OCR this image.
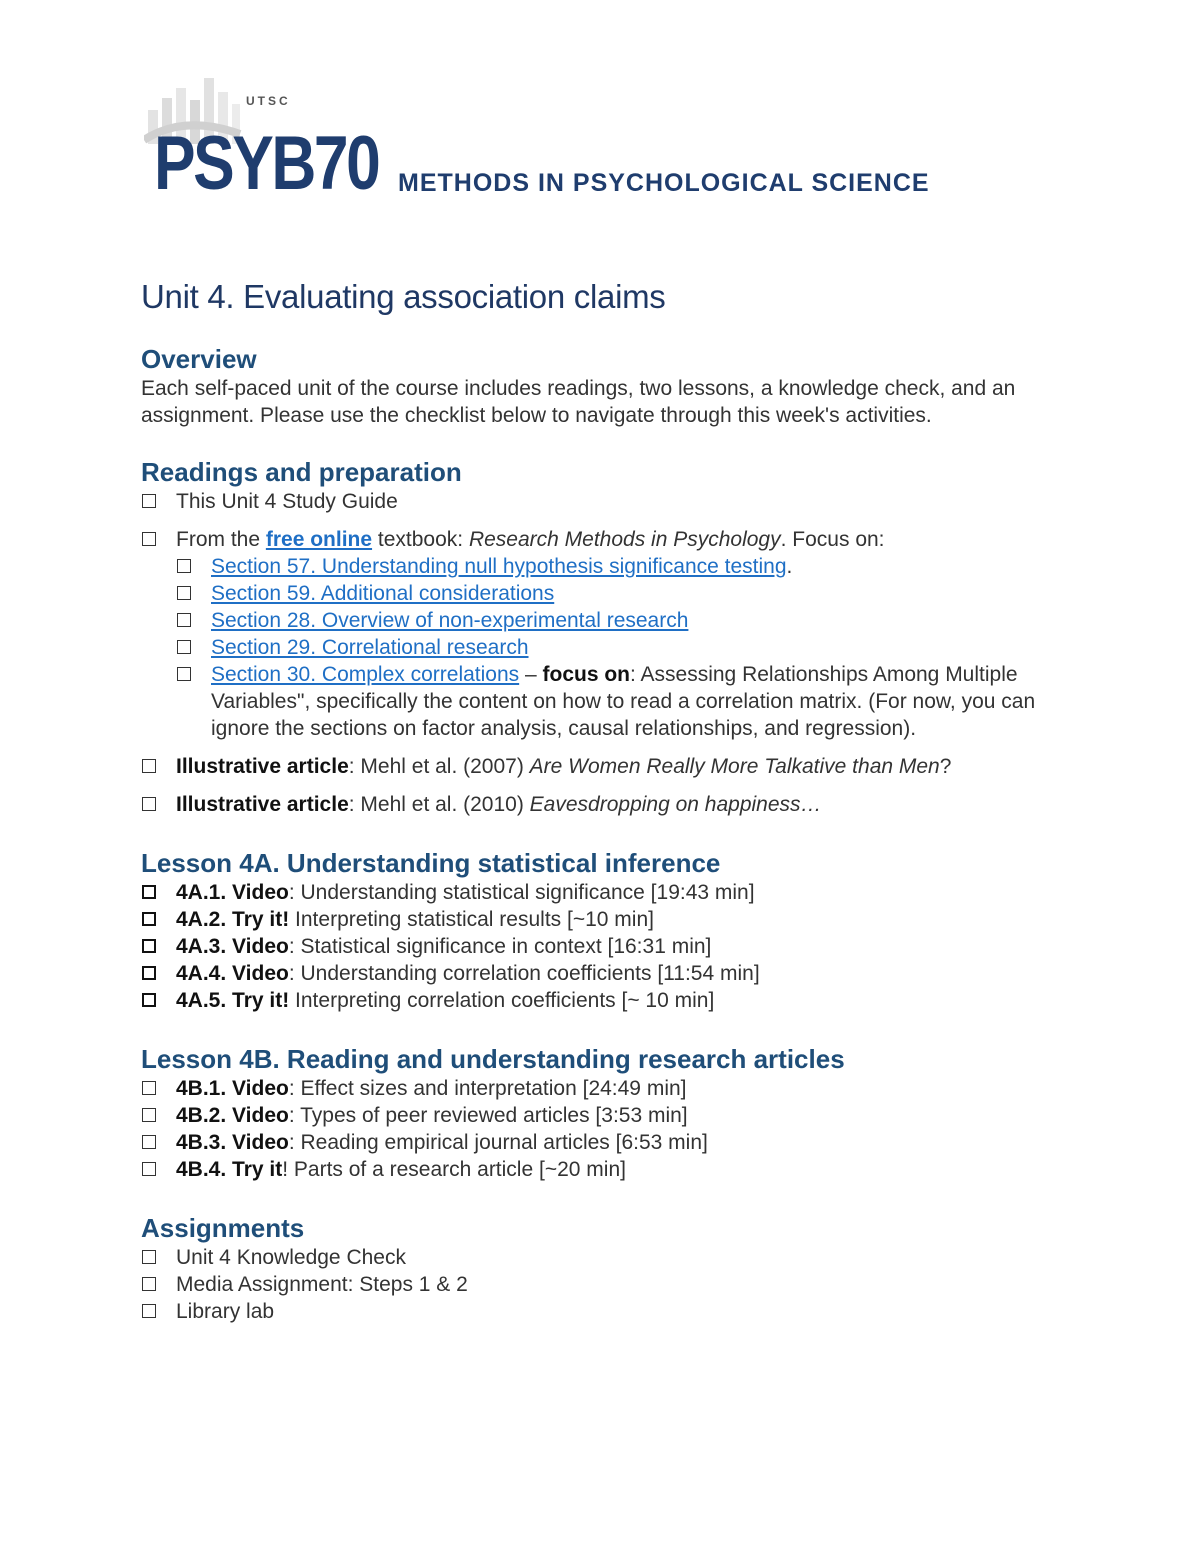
UTSC
PSYB70 METHODS IN PSYCHOLOGICAL SCIENCE
Unit 4. Evaluating association claims
Overview

Each self-paced unit of the course includes readings, two lessons, a knowledge check, and an assignment. Please use the checklist below to navigate through this week's activities.

Readings and preparation
This Unit 4 Study Guide
From the free online textbook: Research Methods in Psychology. Focus on:
Section 57. Understanding null hypothesis significance testing.
Section 59. Additional considerations
Section 28. Overview of non-experimental research
Section 29. Correlational research
Section 30. Complex correlations – focus on: Assessing Relationships Among Multiple Variables", specifically the content on how to read a correlation matrix. (For now, you can ignore the sections on factor analysis, causal relationships, and regression).
Illustrative article: Mehl et al. (2007) Are Women Really More Talkative than Men?
Illustrative article: Mehl et al. (2010) Eavesdropping on happiness…
Lesson 4A. Understanding statistical inference
4A.1. Video: Understanding statistical significance [19:43 min]
4A.2. Try it! Interpreting statistical results [~10 min]
4A.3. Video: Statistical significance in context [16:31 min]
4A.4. Video: Understanding correlation coefficients [11:54 min]
4A.5. Try it! Interpreting correlation coefficients [~ 10 min]
Lesson 4B. Reading and understanding research articles
4B.1. Video: Effect sizes and interpretation [24:49 min]
4B.2. Video: Types of peer reviewed articles [3:53 min]
4B.3. Video: Reading empirical journal articles [6:53 min]
4B.4. Try it! Parts of a research article [~20 min]
Assignments
Unit 4 Knowledge Check
Media Assignment: Steps 1 & 2
Library lab
